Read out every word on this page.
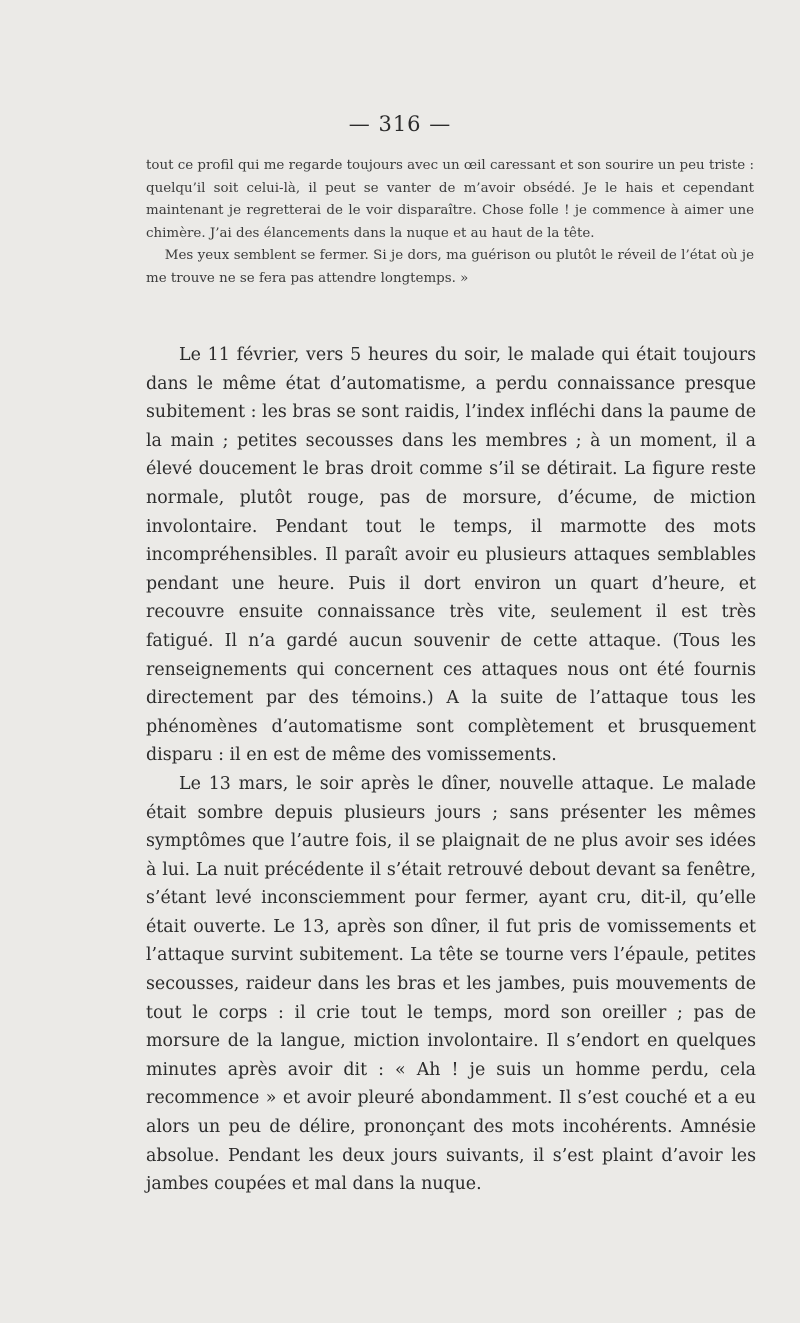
— 316 —

tout ce profil qui me regarde toujours avec un œil caressant et son sourire un peu triste : quelqu’il soit celui-là, il peut se vanter de m’avoir obsédé. Je le hais et cependant maintenant je regretterai de le voir disparaître. Chose folle ! je commence à aimer une chimère. J’ai des élancements dans la nuque et au haut de la tête.

Mes yeux semblent se fermer. Si je dors, ma guérison ou plutôt le réveil de l’état où je me trouve ne se fera pas attendre longtemps. »

Le 11 février, vers 5 heures du soir, le malade qui était toujours dans le même état d’automatisme, a perdu connaissance presque subitement : les bras se sont raidis, l’index infléchi dans la paume de la main ; petites secousses dans les membres ; à un moment, il a élevé doucement le bras droit comme s’il se détirait. La figure reste normale, plutôt rouge, pas de morsure, d’écume, de miction involontaire. Pendant tout le temps, il marmotte des mots incompréhensibles. Il paraît avoir eu plusieurs attaques semblables pendant une heure. Puis il dort environ un quart d’heure, et recouvre ensuite connaissance très vite, seulement il est très fatigué. Il n’a gardé aucun souvenir de cette attaque. (Tous les renseignements qui concernent ces attaques nous ont été fournis directement par des témoins.) A la suite de l’attaque tous les phénomènes d’automatisme sont complètement et brusquement disparu : il en est de même des vomissements.

Le 13 mars, le soir après le dîner, nouvelle attaque. Le malade était sombre depuis plusieurs jours ; sans présenter les mêmes symptômes que l’autre fois, il se plaignait de ne plus avoir ses idées à lui. La nuit précédente il s’était retrouvé debout devant sa fenêtre, s’étant levé inconsciemment pour fermer, ayant cru, dit-il, qu’elle était ouverte. Le 13, après son dîner, il fut pris de vomissements et l’attaque survint subitement. La tête se tourne vers l’épaule, petites secousses, raideur dans les bras et les jambes, puis mouvements de tout le corps : il crie tout le temps, mord son oreiller ; pas de morsure de la langue, miction involontaire. Il s’endort en quelques minutes après avoir dit : « Ah ! je suis un homme perdu, cela recommence » et avoir pleuré abondamment. Il s’est couché et a eu alors un peu de délire, prononçant des mots incohérents. Amnésie absolue. Pendant les deux jours suivants, il s’est plaint d’avoir les jambes coupées et mal dans la nuque.
